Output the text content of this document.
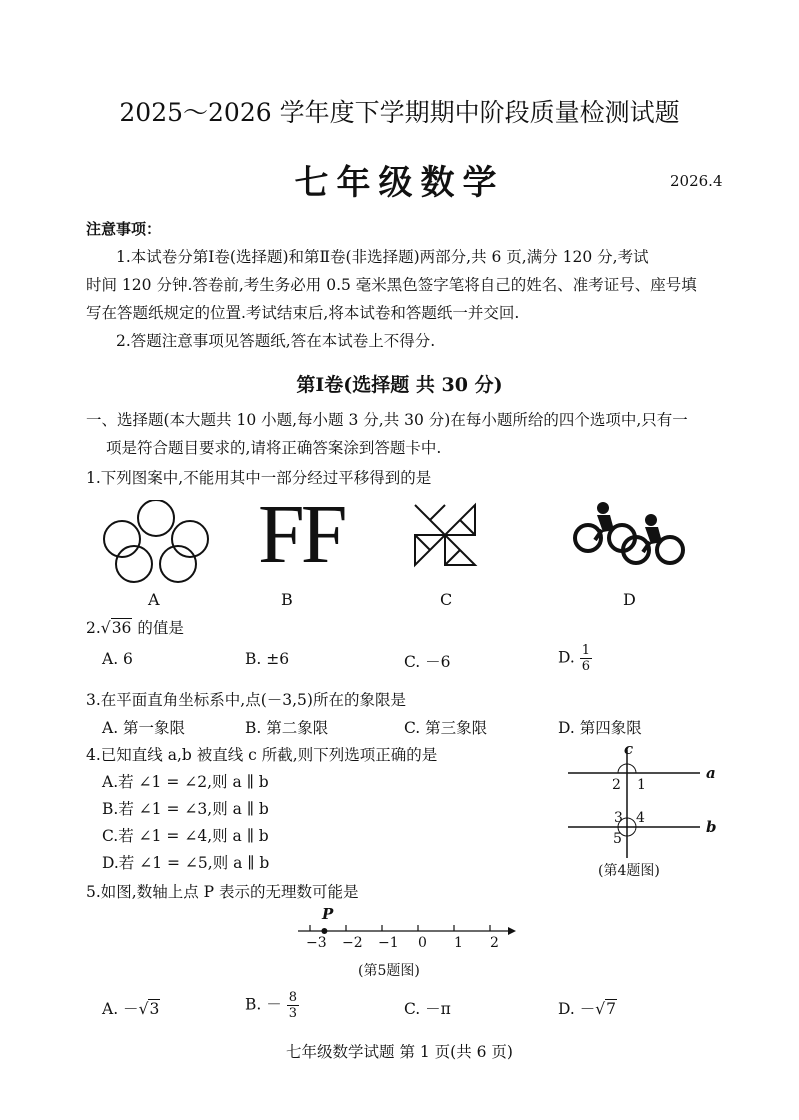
2025～2026 学年度下学期期中阶段质量检测试题
七年级数学	2026.4
注意事项：
1.本试卷分第Ⅰ卷(选择题)和第Ⅱ卷(非选择题)两部分,共 6 页,满分 120 分,考试
时间 120 分钟.答卷前,考生务必用 0.5 毫米黑色签字笔将自己的姓名、准考证号、座号填
写在答题纸规定的位置.考试结束后,将本试卷和答题纸一并交回.
2.答题注意事项见答题纸,答在本试卷上不得分.
第Ⅰ卷(选择题 共 30 分)
一、选择题(本大题共 10 小题,每小题 3 分,共 30 分)在每小题所给的四个选项中,只有一
项是符合题目要求的,请将正确答案涂到答题卡中.
1.下列图案中,不能用其中一部分经过平移得到的是
FF
A	B	C	D
2.√36 的值是
A. 6	B. ±6	C. －6	D. $\frac{1}{6}$
3.在平面直角坐标系中,点(－3,5)所在的象限是
A. 第一象限	B. 第二象限	C. 第三象限	D. 第四象限
4.已知直线 a,b 被直线 c 所截,则下列选项正确的是
A.若 ∠1 = ∠2,则 a ∥ b
B.若 ∠1 = ∠3,则 a ∥ b
C.若 ∠1 = ∠4,则 a ∥ b
D.若 ∠1 = ∠5,则 a ∥ b
c
a
b
1
2
3 4
5
(第4题图)
5.如图,数轴上点 P 表示的无理数可能是
P
−3 −2 −1 0 1 2
(第5题图)
A. －√3	B. － $\frac{8}{3}$	C. －π	D. －√7
七年级数学试题 第 1 页(共 6 页)
